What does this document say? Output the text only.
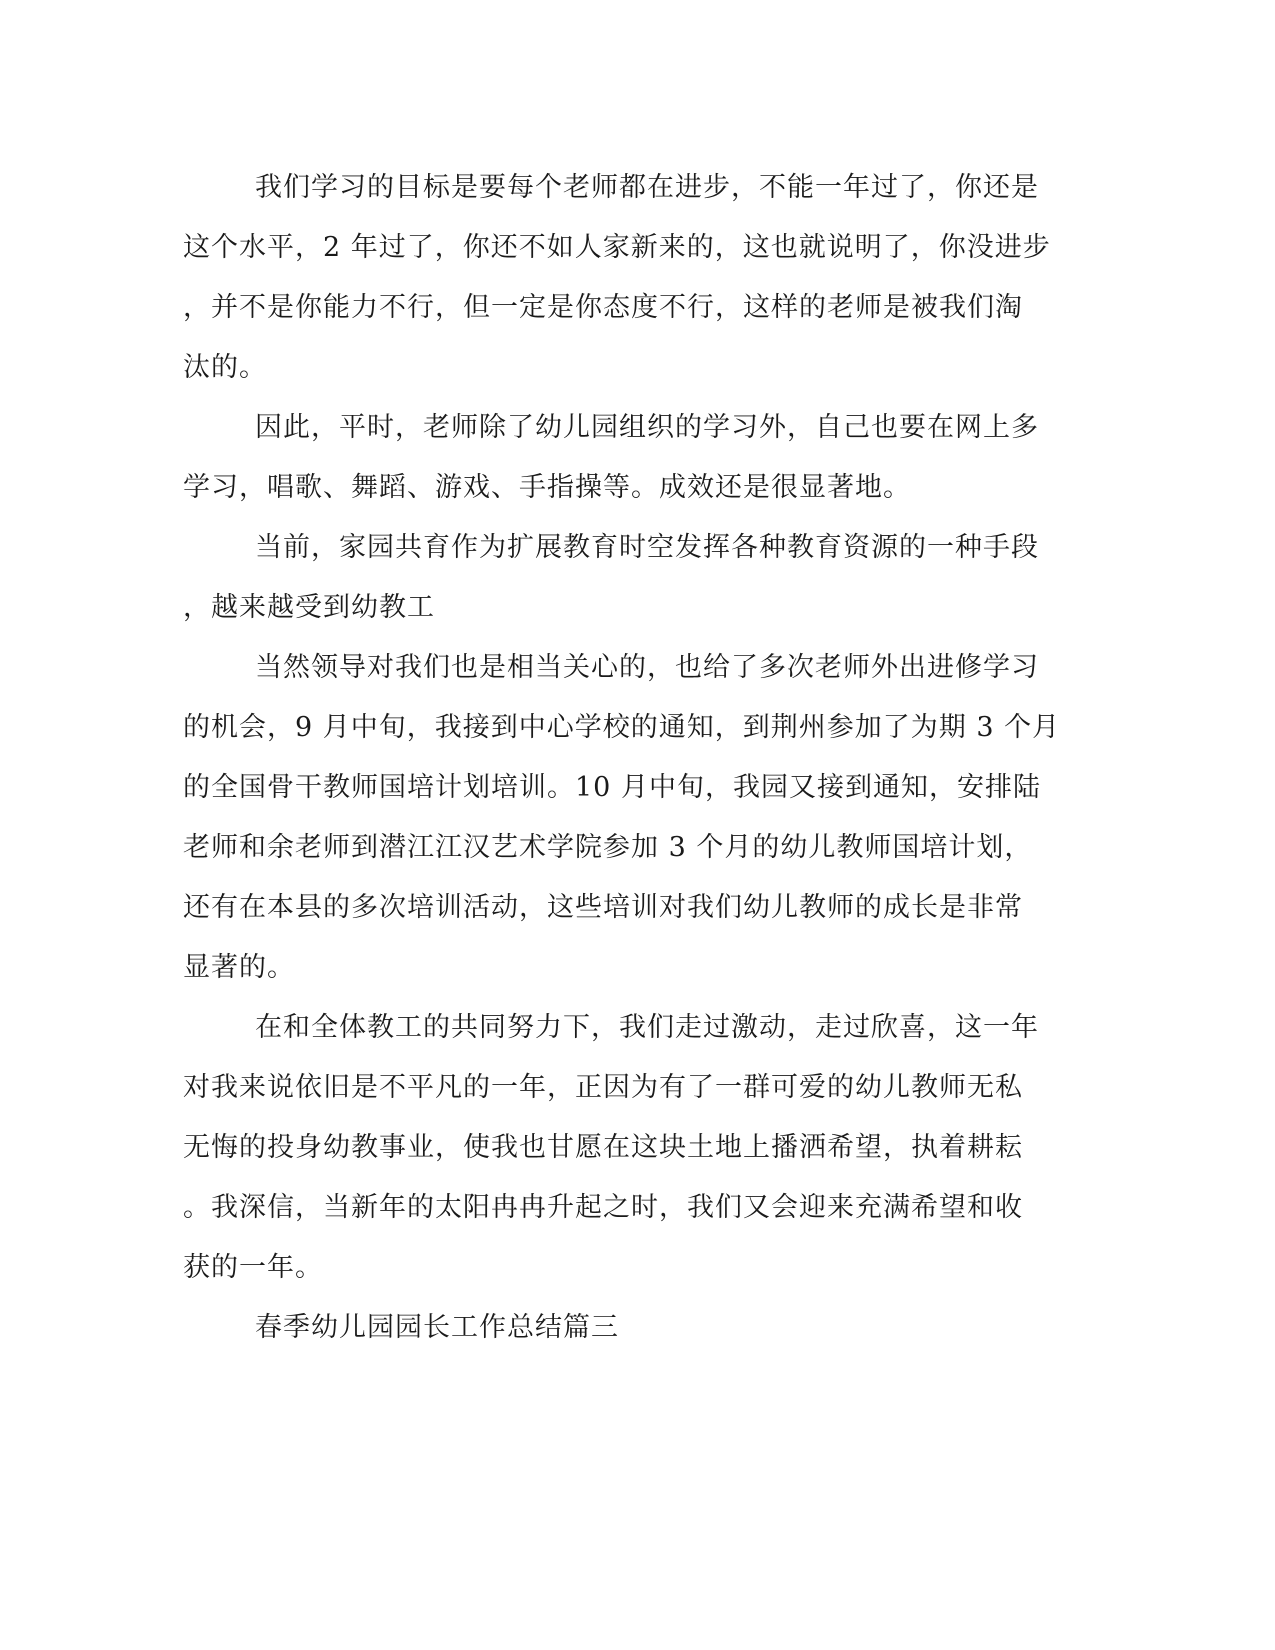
我们学习的目标是要每个老师都在进步，不能一年过了，你还是
这个水平，2 年过了，你还不如人家新来的，这也就说明了，你没进步
，并不是你能力不行，但一定是你态度不行，这样的老师是被我们淘
汰的。
因此，平时，老师除了幼儿园组织的学习外，自己也要在网上多
学习，唱歌、舞蹈、游戏、手指操等。成效还是很显著地。
当前，家园共育作为扩展教育时空发挥各种教育资源的一种手段
，越来越受到幼教工
当然领导对我们也是相当关心的，也给了多次老师外出进修学习
的机会，9 月中旬，我接到中心学校的通知，到荆州参加了为期 3 个月
的全国骨干教师国培计划培训。10 月中旬，我园又接到通知，安排陆
老师和余老师到潜江江汉艺术学院参加 3 个月的幼儿教师国培计划，
还有在本县的多次培训活动，这些培训对我们幼儿教师的成长是非常
显著的。
在和全体教工的共同努力下，我们走过激动，走过欣喜，这一年
对我来说依旧是不平凡的一年，正因为有了一群可爱的幼儿教师无私
无悔的投身幼教事业，使我也甘愿在这块土地上播洒希望，执着耕耘
。我深信，当新年的太阳冉冉升起之时，我们又会迎来充满希望和收
获的一年。
春季幼儿园园长工作总结篇三
